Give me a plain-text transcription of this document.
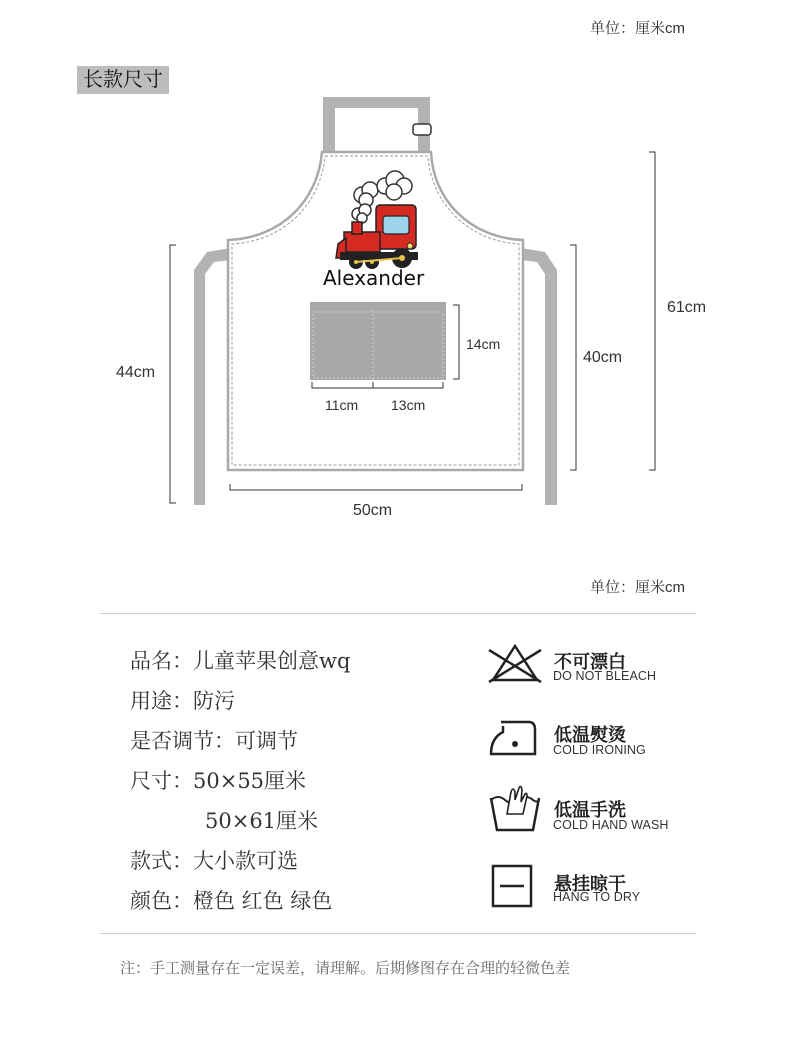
单位：厘米cm
长款尺寸
Alexander
44cm
40cm
61cm
14cm
11cm 13cm
50cm
单位：厘米cm
品名：儿童苹果创意wq
用途：防污
是否调节：可调节
尺寸：50×55厘米
50×61厘米
款式：大小款可选
颜色：橙色 红色 绿色
不可漂白
DO NOT BLEACH
低温熨烫
COLD IRONING
低温手洗
COLD HAND WASH
悬挂晾干
HANG TO DRY
注：手工测量存在一定误差，请理解。后期修图存在合理的轻微色差
